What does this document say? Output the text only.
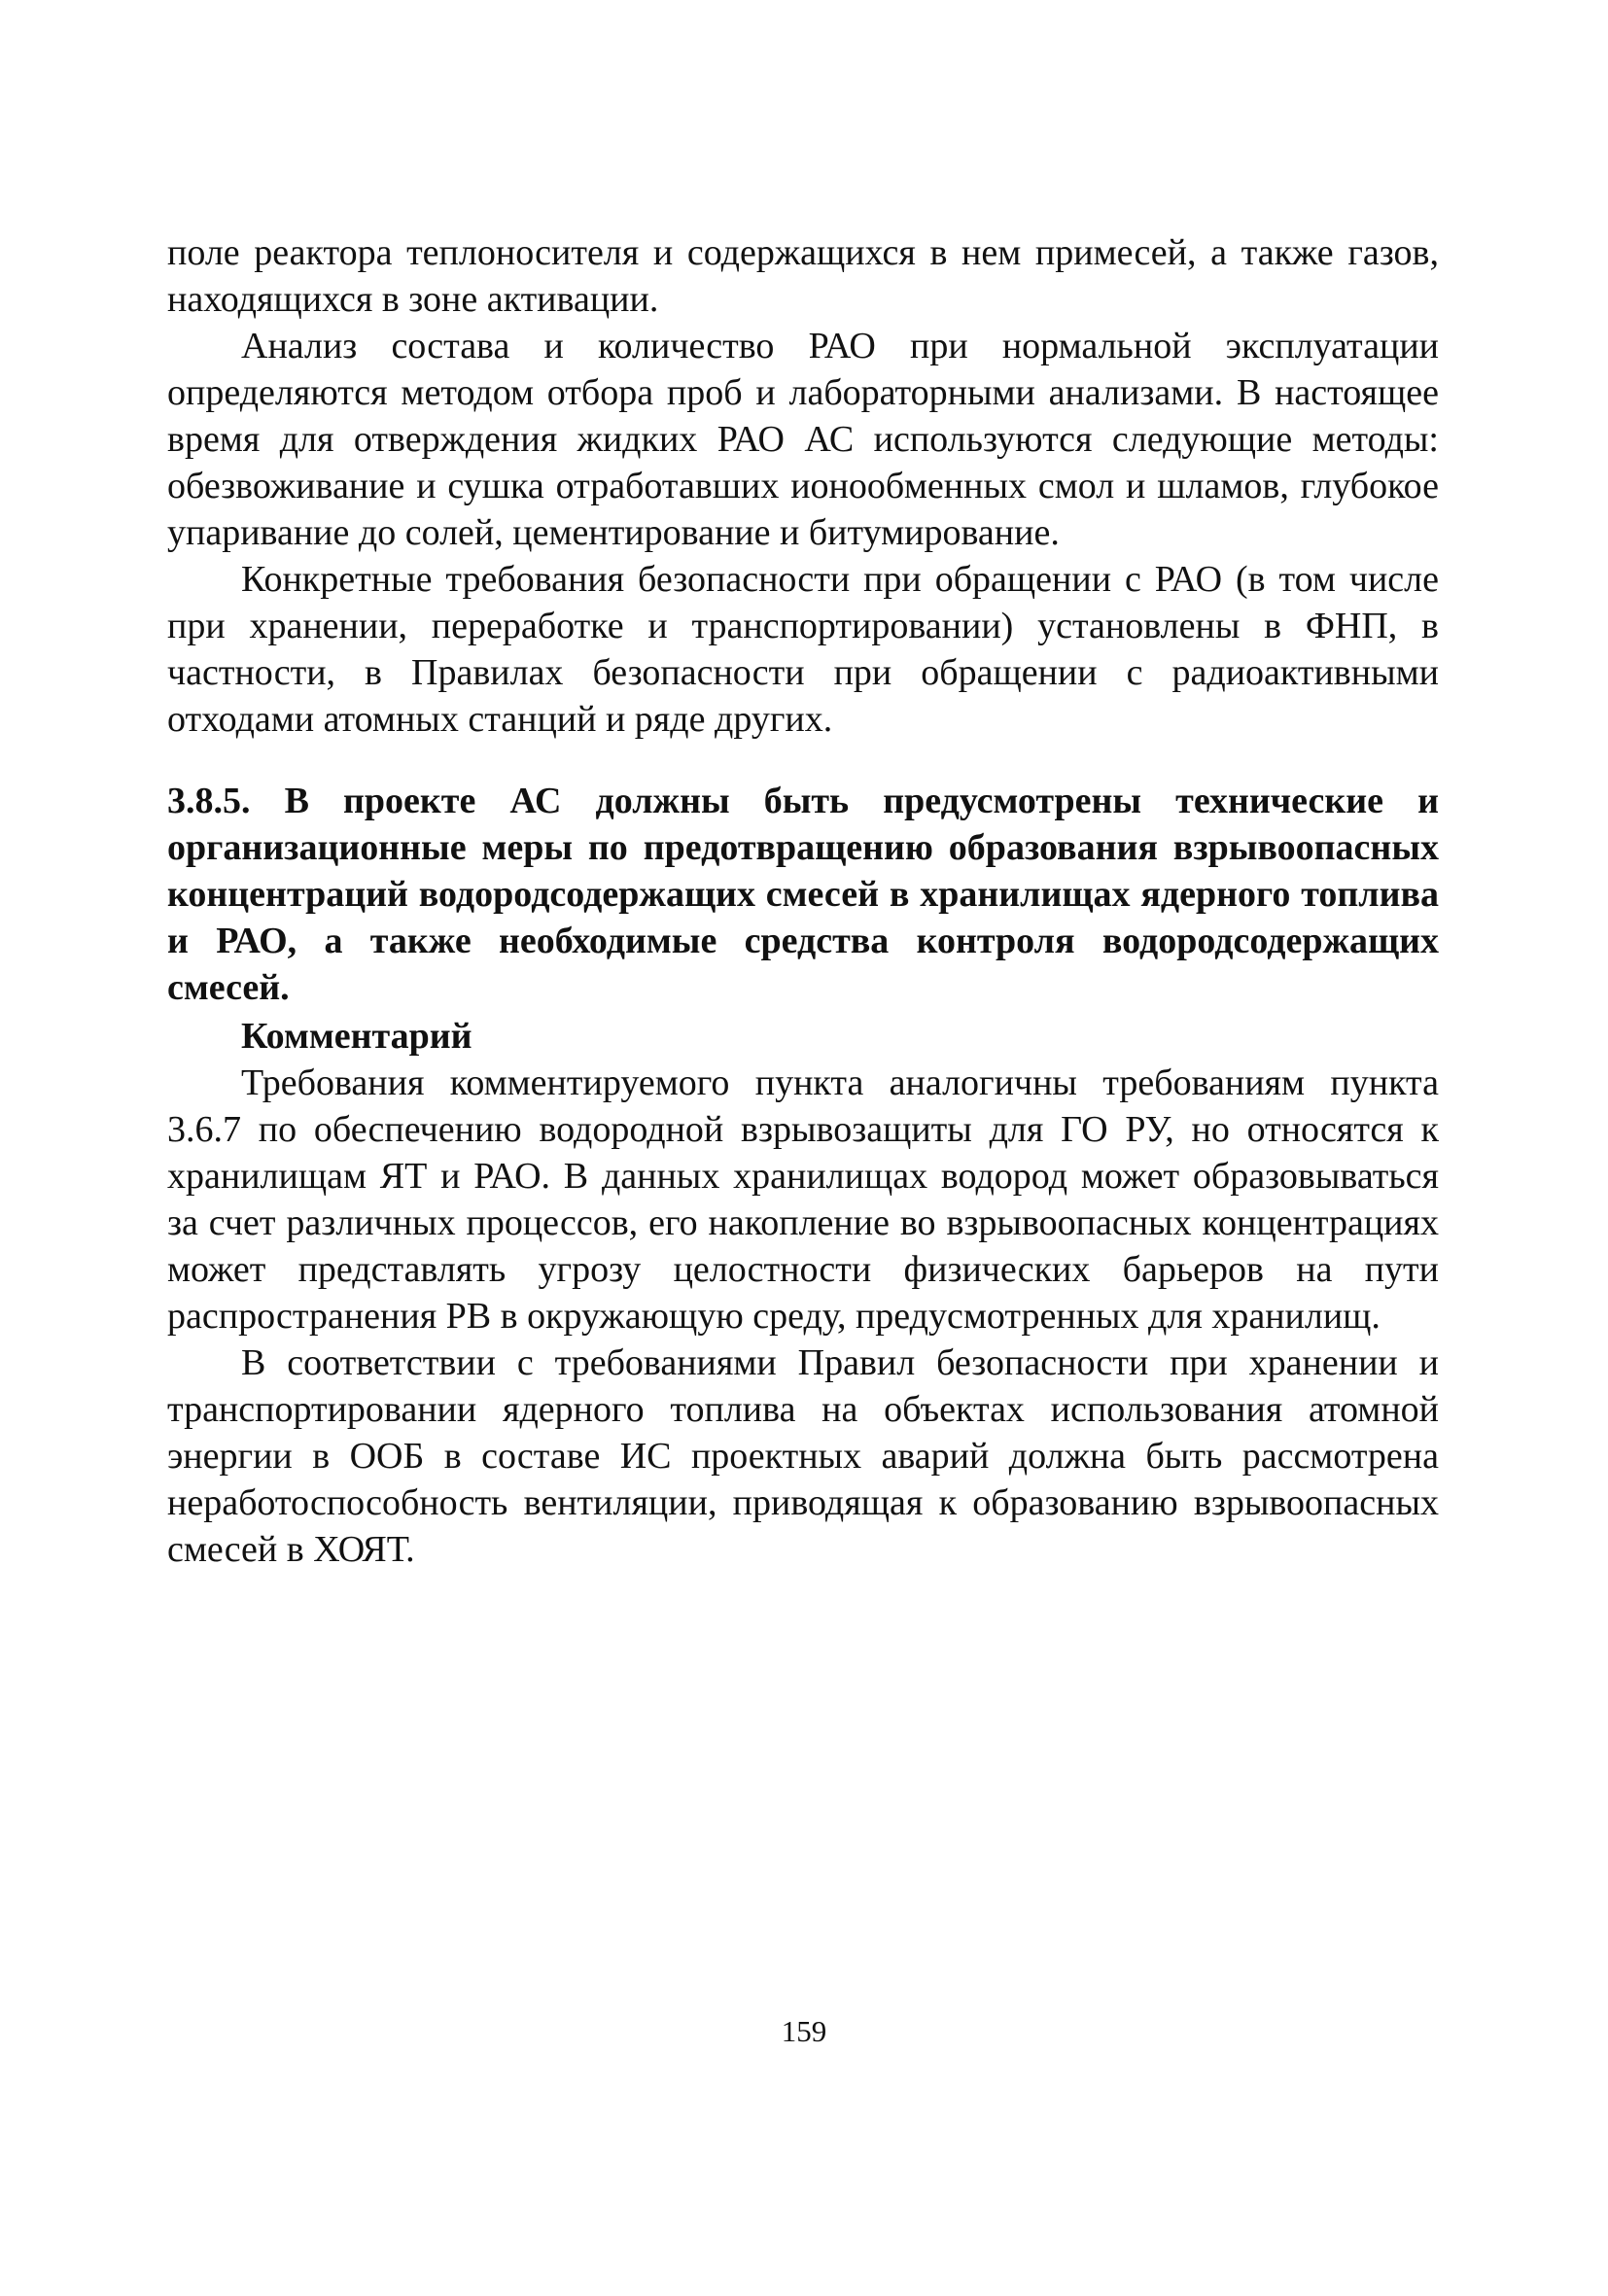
поле реактора теплоносителя и содержащихся в нем примесей, а также газов, находящихся в зоне активации.

Анализ состава и количество РАО при нормальной эксплуатации определяются методом отбора проб и лабораторными анализами. В настоящее время для отверждения жидких РАО АС используются следующие методы: обезвоживание и сушка отработавших ионообменных смол и шламов, глубокое упаривание до солей, цементирование и битумирование.

Конкретные требования безопасности при обращении с РАО (в том числе при хранении, переработке и транспортировании) установлены в ФНП, в частности, в Правилах безопасности при обращении с радиоактивными отходами атомных станций и ряде других.

3.8.5. В проекте АС должны быть предусмотрены технические и организационные меры по предотвращению образования взрывоопасных концентраций водородсодержащих смесей в хранилищах ядерного топлива и РАО, а также необходимые средства контроля водородсодержащих смесей.

Комментарий

Требования комментируемого пункта аналогичны требованиям пункта 3.6.7 по обеспечению водородной взрывозащиты для ГО РУ, но относятся к хранилищам ЯТ и РАО. В данных хранилищах водород может образовываться за счет различных процессов, его накопление во взрывоопасных концентрациях может представлять угрозу целостности физических барьеров на пути распространения РВ в окружающую среду, предусмотренных для хранилищ.

В соответствии с требованиями Правил безопасности при хранении и транспортировании ядерного топлива на объектах использования атомной энергии в ООБ в составе ИС проектных аварий должна быть рассмотрена неработоспособность вентиляции, приводящая к образованию взрывоопасных смесей в ХОЯТ.

159
